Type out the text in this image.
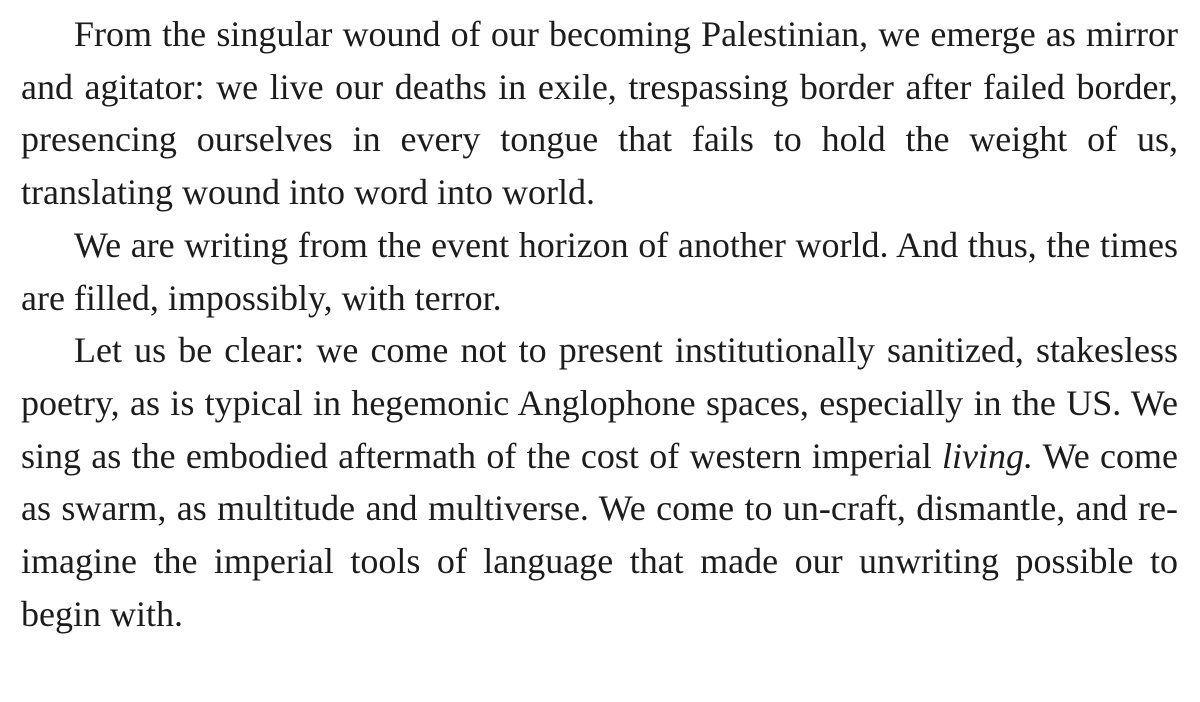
From the singular wound of our becoming Palestinian, we emerge as mirror and agitator: we live our deaths in exile, trespassing border after failed border, presencing ourselves in every tongue that fails to hold the weight of us, translating wound into word into world.

We are writing from the event horizon of another world. And thus, the times are filled, impossibly, with terror.

Let us be clear: we come not to present institutionally sanitized, stakesless poetry, as is typical in hegemonic Anglophone spaces, especially in the US. We sing as the embodied aftermath of the cost of western imperial living. We come as swarm, as multitude and multiverse. We come to un-craft, dismantle, and re-imagine the imperial tools of language that made our unwriting possible to begin with.
